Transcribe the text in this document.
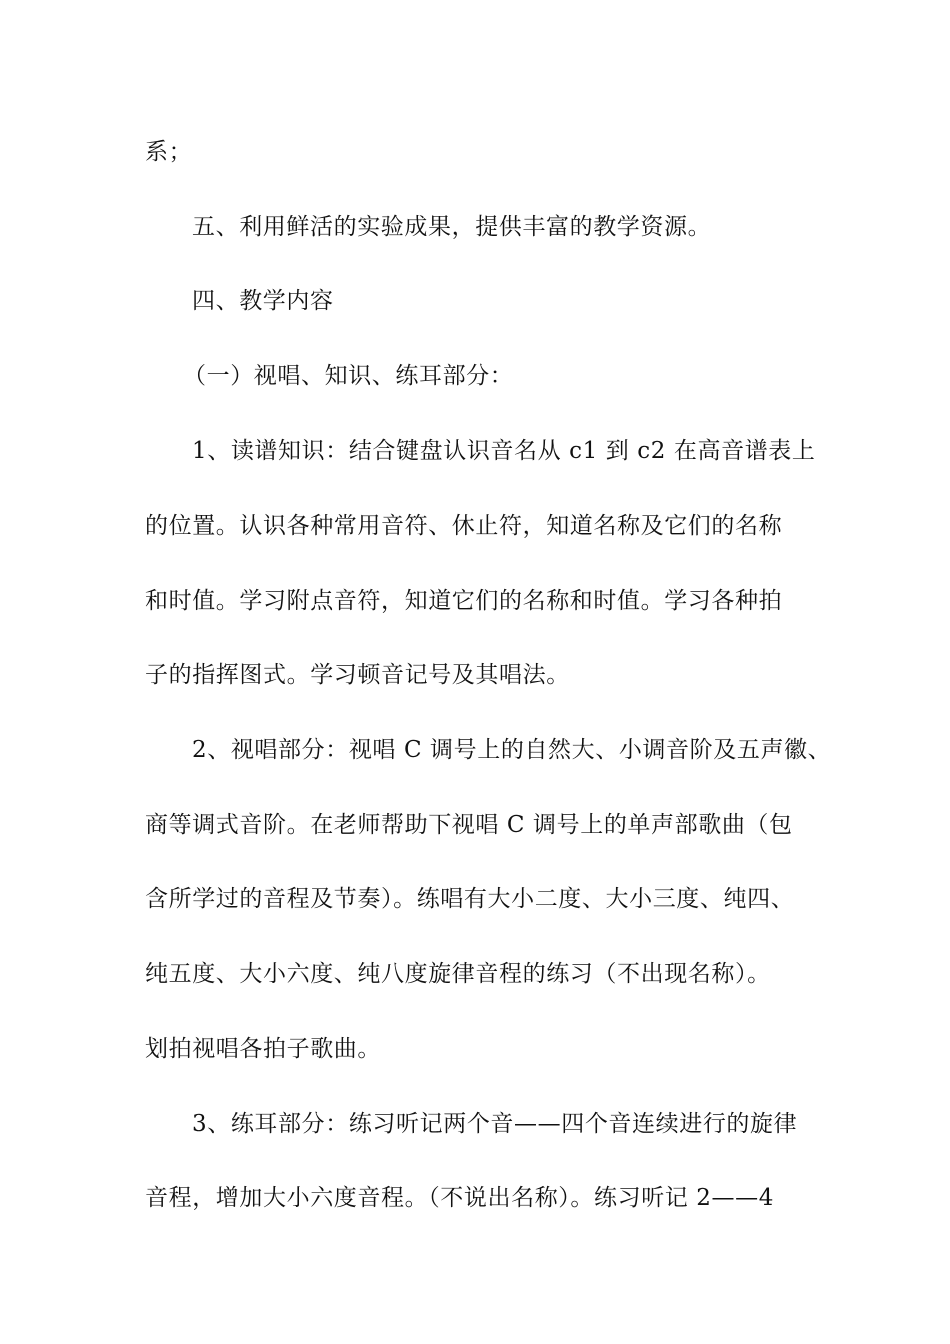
系；
五、利用鲜活的实验成果，提供丰富的教学资源。
四、教学内容
（一）视唱、知识、练耳部分：
1、读谱知识：结合键盘认识音名从 c1 到 c2 在高音谱表上
的位置。认识各种常用音符、休止符，知道名称及它们的名称
和时值。学习附点音符，知道它们的名称和时值。学习各种拍
子的指挥图式。学习顿音记号及其唱法。
2、视唱部分：视唱 C 调号上的自然大、小调音阶及五声徽、
商等调式音阶。在老师帮助下视唱 C 调号上的单声部歌曲（包
含所学过的音程及节奏）。练唱有大小二度、大小三度、纯四、
纯五度、大小六度、纯八度旋律音程的练习（不出现名称）。
划拍视唱各拍子歌曲。
3、练耳部分：练习听记两个音——四个音连续进行的旋律
音程，增加大小六度音程。（不说出名称）。练习听记 2——4
